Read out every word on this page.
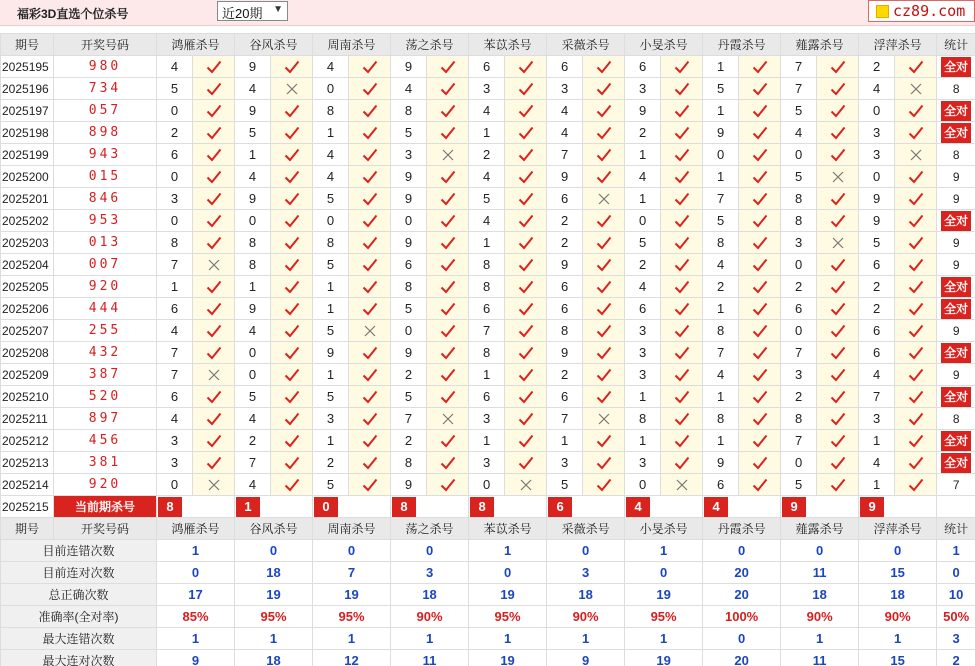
福彩3D直选个位杀号	近20期 ▼	cz89.com
期号	开奖号码	鸿雁杀号		谷风杀号		周南杀号		荡之杀号		苯苡杀号		采薇杀号		小旻杀号		丹霞杀号		薤露杀号		浮萍杀号		统计
2025195	980	4		9		4		9		6		6		6		1		7		2		全对
2025196	734	5		4		0		4		3		3		3		5		7		4		8
2025197	057	0		9		8		8		4		4		9		1		5		0		全对
2025198	898	2		5		1		5		1		4		2		9		4		3		全对
2025199	943	6		1		4		3		2		7		1		0		0		3		8
2025200	015	0		4		4		9		4		9		4		1		5		0		9
2025201	846	3		9		5		9		5		6		1		7		8		9		9
2025202	953	0		0		0		0		4		2		0		5		8		9		全对
2025203	013	8		8		8		9		1		2		5		8		3		5		9
2025204	007	7		8		5		6		8		9		2		4		0		6		9
2025205	920	1		1		1		8		8		6		4		2		2		2		全对
2025206	444	6		9		1		5		6		6		6		1		6		2		全对
2025207	255	4		4		5		0		7		8		3		8		0		6		9
2025208	432	7		0		9		9		8		9		3		7		7		6		全对
2025209	387	7		0		1		2		1		2		3		4		3		4		9
2025210	520	6		5		5		5		6		6		1		1		2		7		全对
2025211	897	4		4		3		7		3		7		8		8		8		3		8
2025212	456	3		2		1		2		1		1		1		1		7		1		全对
2025213	381	3		7		2		8		3		3		3		9		0		4		全对
2025214	920	0		4		5		9		0		5		0		6		5		1		7
2025215	当前期杀号	8		1		0		8		8		6		4		4		9		9		
期号	开奖号码	鸿雁杀号		谷风杀号		周南杀号		荡之杀号		苯苡杀号		采薇杀号		小旻杀号		丹霞杀号		薤露杀号		浮萍杀号		统计
目前连错次数		1		0		0		0		1		0		1		0		0		0		1
目前连对次数		0		18		7		3		0		3		0		20		11		15		0
总正确次数		17		19		19		18		19		18		19		20		18		18		10
准确率(全对率)		85%		95%		95%		90%		95%		90%		95%		100%		90%		90%		50%
最大连错次数		1		1		1		1		1		1		1		0		1		1		3
最大连对次数		9		18		12		11		19		9		19		20		11		15		2
